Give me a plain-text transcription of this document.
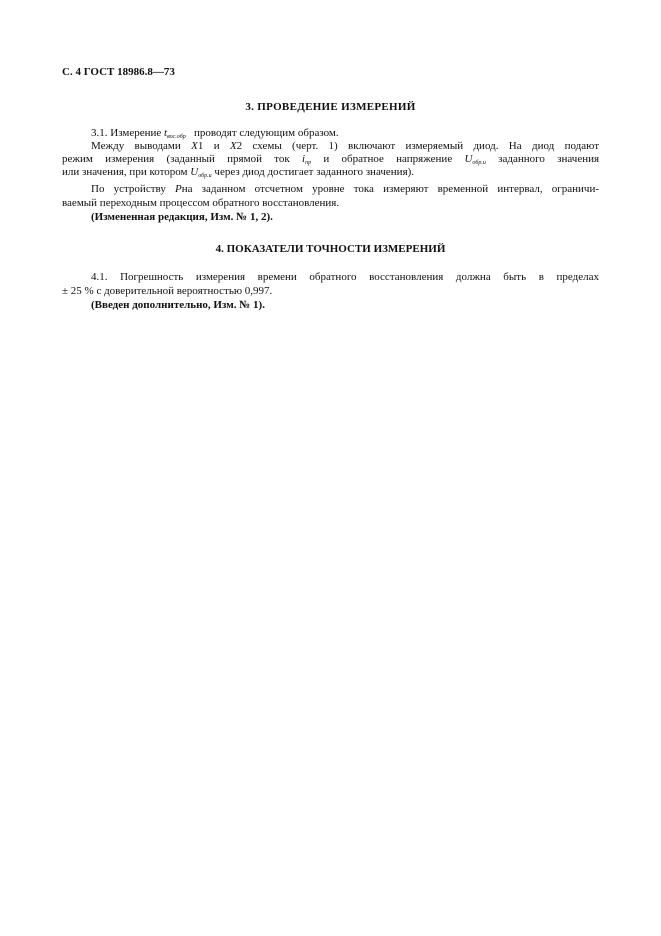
С. 4 ГОСТ 18986.8—73
3. ПРОВЕДЕНИЕ ИЗМЕРЕНИЙ
3.1. Измерение $t_{вос.обр}$ проводят следующим образом.
Между выводами X1 и X2 схемы (черт. 1) включают измеряемый диод. На диод подают
режим измерения (заданный прямой ток $i_{пр}$ и обратное напряжение $U_{обр.и}$ заданного значения
или значения, при котором $U_{обр.и}$ через диод достигает заданного значения).
По устройству Pна заданном отсчетном уровне тока измеряют временной интервал, ограничи-
ваемый переходным процессом обратного восстановления.
(Измененная редакция, Изм. № 1, 2).
4. ПОКАЗАТЕЛИ ТОЧНОСТИ ИЗМЕРЕНИЙ
4.1. Погрешность измерения времени обратного восстановления должна быть в пределах
± 25 % с доверительной вероятностью 0,997.
(Введен дополнительно, Изм. № 1).
